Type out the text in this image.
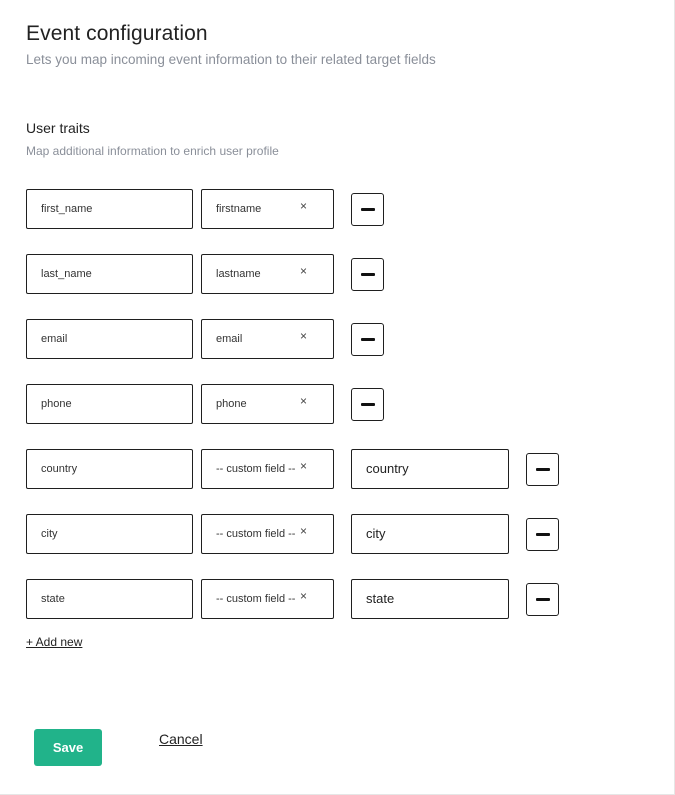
Event configuration
Lets you map incoming event information to their related target fields
User traits
Map additional information to enrich user profile
first_name	firstname	×
last_name	lastname	×
email	email	×
phone	phone	×
country	-- custom field -- ×	country
city	-- custom field -- ×	city
state	-- custom field -- ×	state
+ Add new
Save
Cancel
